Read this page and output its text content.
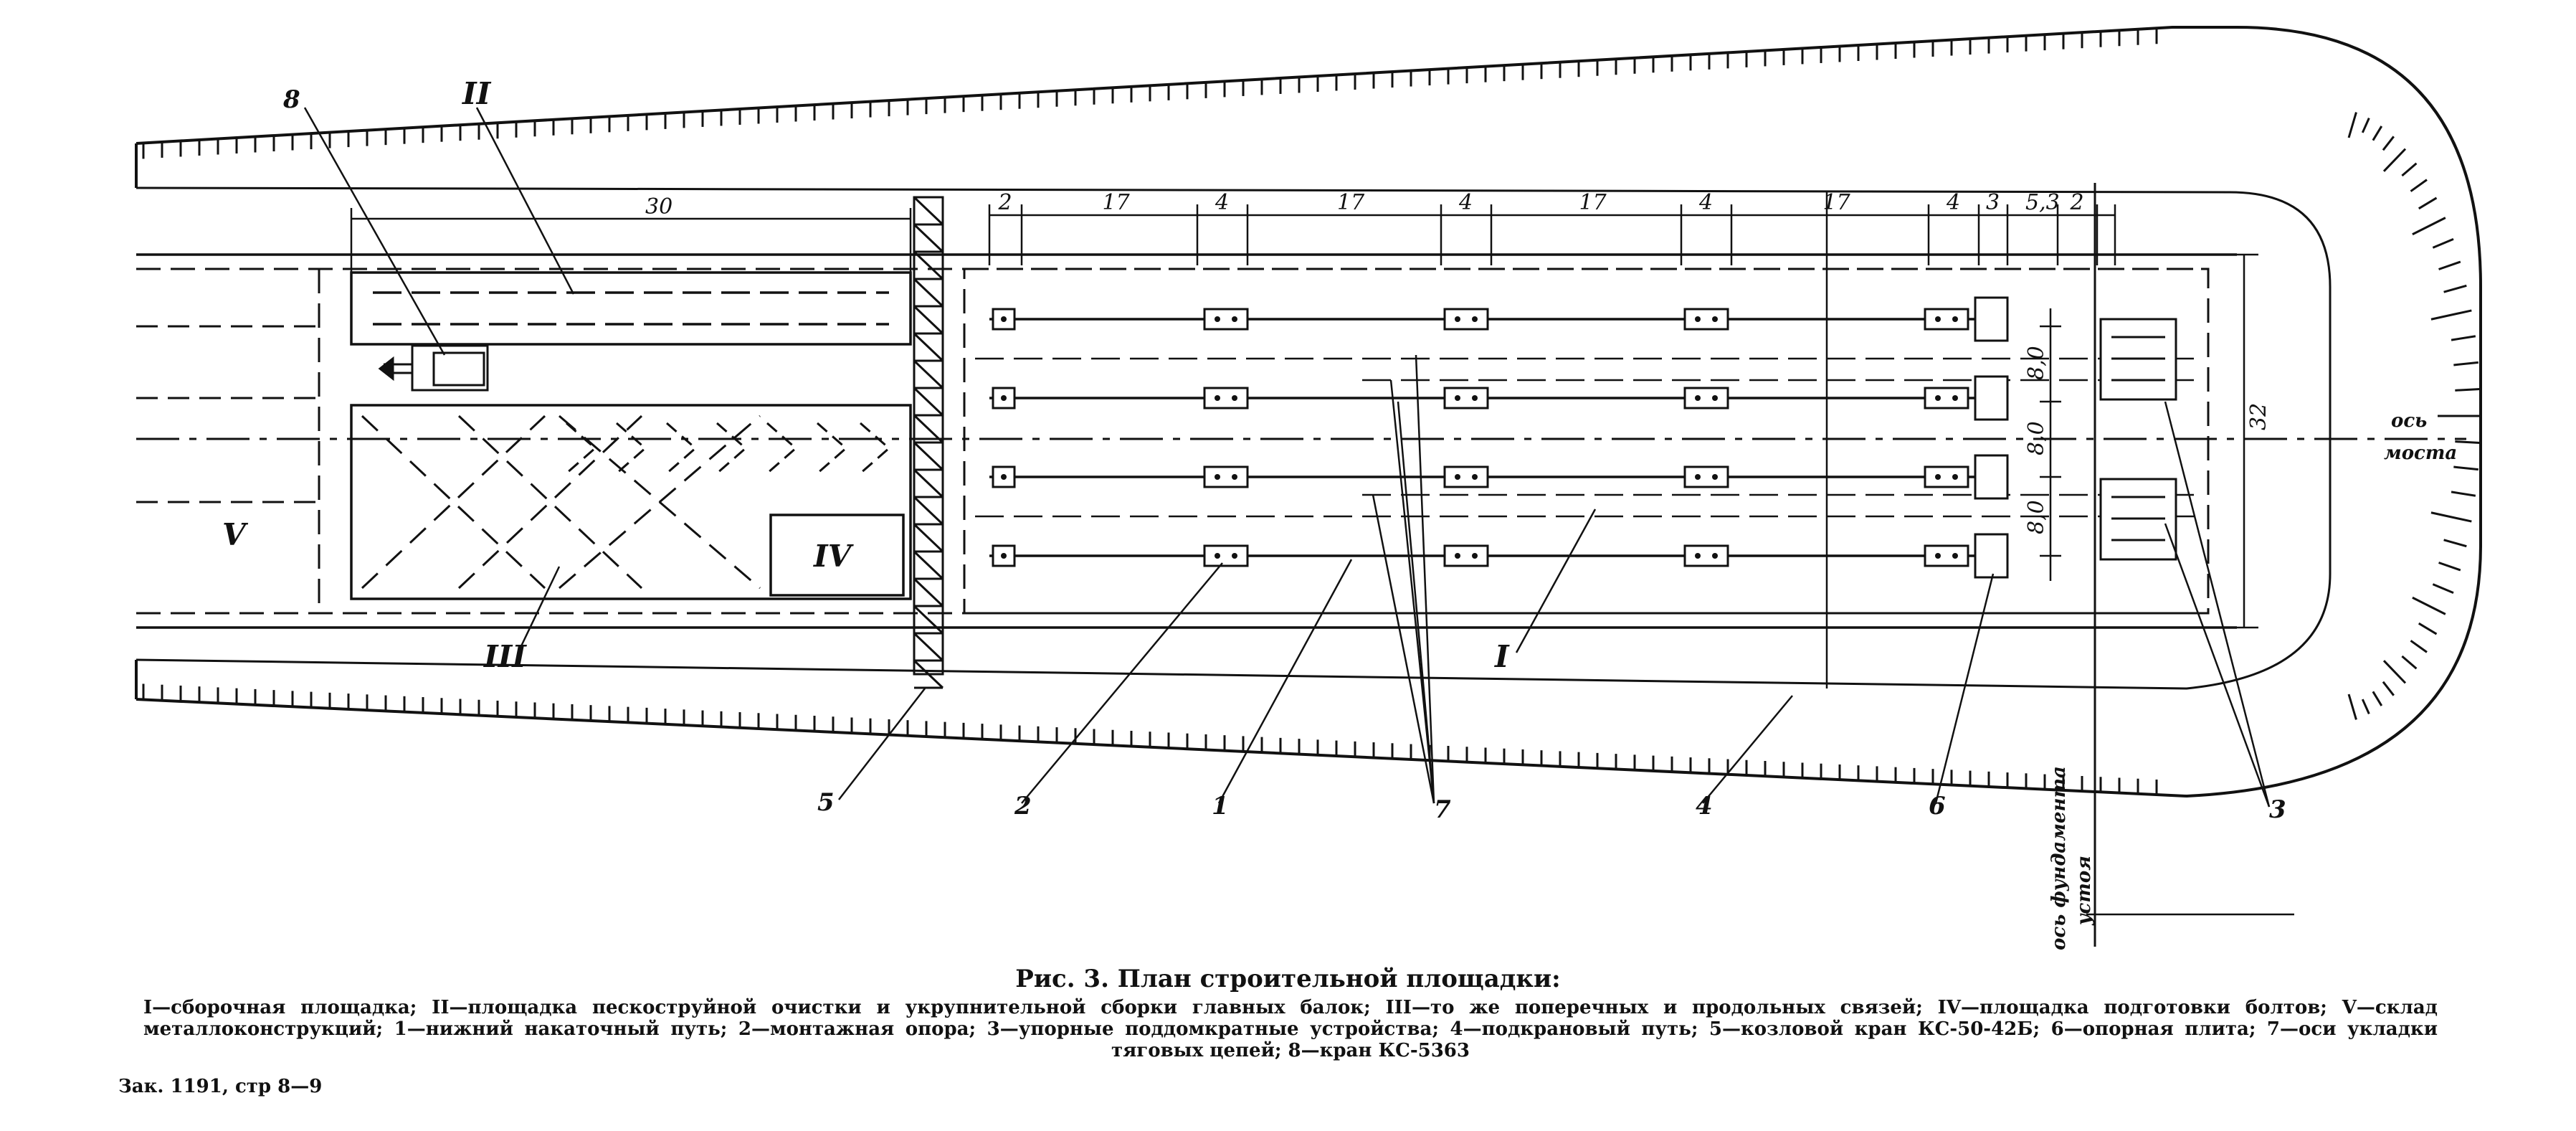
30
32
8,0
8,0
8,0
V
II
III
IV
I
8
5	2	1	7	4	6	3
ось
моста
ось фундамента устоя
2	17	4	17	4	17	4	17	4 3 5,3 2
Рис. 3. План строительной площадки:
I—сборочная площадка; II—площадка пескоструйной очистки и укрупнительной сборки главных балок; III—то же поперечных и продольных связей; IV—площадка подготовки болтов; V—склад металлоконструкций; 1—нижний накаточный путь; 2—монтажная опора; 3—упорные поддомкратные устройства; 4—подкрановый путь; 5—козловой кран КС-50-42Б; 6—опорная плита; 7—оси укладки тяговых цепей; 8—кран КС-5363
Зак. 1191, стр 8—9
